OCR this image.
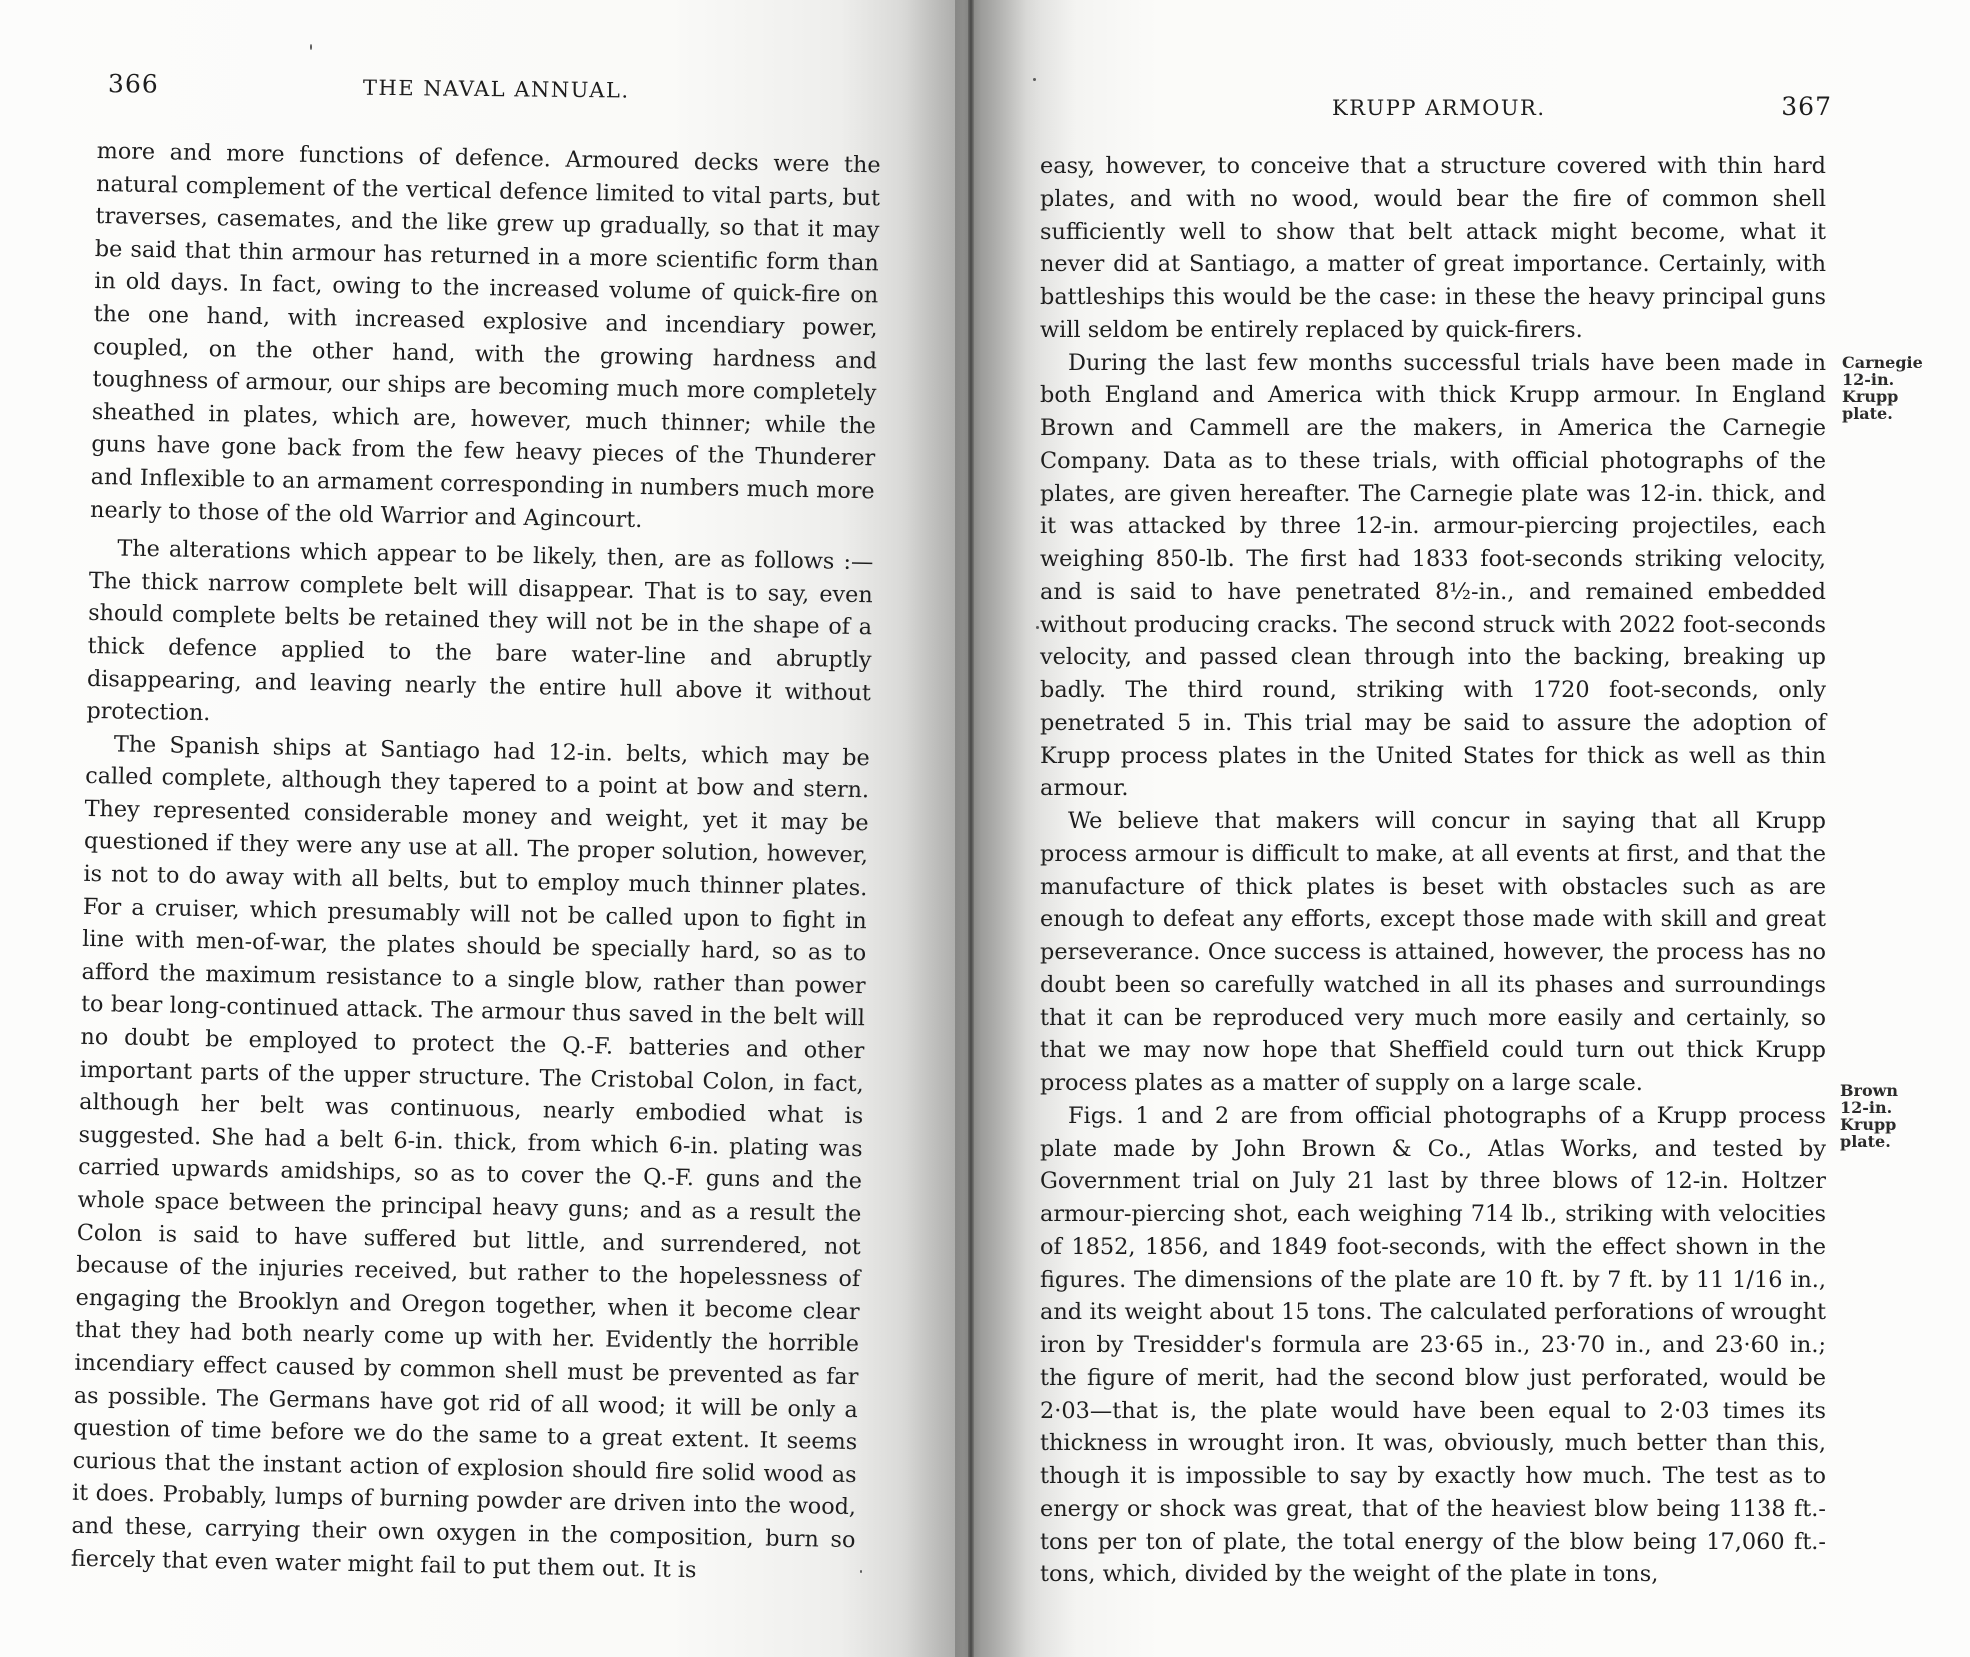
366	THE NAVAL ANNUAL.

more and more functions of defence. Armoured decks were the natural complement of the vertical defence limited to vital parts, but traverses, casemates, and the like grew up gradually, so that it may be said that thin armour has returned in a more scientific form than in old days. In fact, owing to the increased volume of quick-fire on the one hand, with increased explosive and incendiary power, coupled, on the other hand, with the growing hardness and toughness of armour, our ships are becoming much more completely sheathed in plates, which are, however, much thinner; while the guns have gone back from the few heavy pieces of the Thunderer and Inflexible to an armament corresponding in numbers much more nearly to those of the old Warrior and Agincourt.

The alterations which appear to be likely, then, are as follows :— The thick narrow complete belt will disappear. That is to say, even should complete belts be retained they will not be in the shape of a thick defence applied to the bare water-line and abruptly disappearing, and leaving nearly the entire hull above it without protection.

The Spanish ships at Santiago had 12-in. belts, which may be called complete, although they tapered to a point at bow and stern. They represented considerable money and weight, yet it may be questioned if they were any use at all. The proper solution, however, is not to do away with all belts, but to employ much thinner plates. For a cruiser, which presumably will not be called upon to fight in line with men-of-war, the plates should be specially hard, so as to afford the maximum resistance to a single blow, rather than power to bear long-continued attack. The armour thus saved in the belt will no doubt be employed to protect the Q.-F. batteries and other important parts of the upper structure. The Cristobal Colon, in fact, although her belt was continuous, nearly embodied what is suggested. She had a belt 6-in. thick, from which 6-in. plating was carried upwards amidships, so as to cover the Q.-F. guns and the whole space between the principal heavy guns; and as a result the Colon is said to have suffered but little, and surrendered, not because of the injuries received, but rather to the hopelessness of engaging the Brooklyn and Oregon together, when it become clear that they had both nearly come up with her. Evidently the horrible incendiary effect caused by common shell must be prevented as far as possible. The Germans have got rid of all wood; it will be only a question of time before we do the same to a great extent. It seems curious that the instant action of explosion should fire solid wood as it does. Probably, lumps of burning powder are driven into the wood, and these, carrying their own oxygen in the composition, burn so fiercely that even water might fail to put them out. It is

KRUPP ARMOUR.	367

easy, however, to conceive that a structure covered with thin hard plates, and with no wood, would bear the fire of common shell sufficiently well to show that belt attack might become, what it never did at Santiago, a matter of great importance. Certainly, with battleships this would be the case: in these the heavy principal guns will seldom be entirely replaced by quick-firers.

During the last few months successful trials have been made in both England and America with thick Krupp armour. In England Brown and Cammell are the makers, in America the Carnegie Company. Data as to these trials, with official photographs of the plates, are given hereafter. The Carnegie plate was 12-in. thick, and it was attacked by three 12-in. armour-piercing projectiles, each weighing 850-lb. The first had 1833 foot-seconds striking velocity, and is said to have penetrated 8½-in., and remained embedded without producing cracks. The second struck with 2022 foot-seconds velocity, and passed clean through into the backing, breaking up badly. The third round, striking with 1720 foot-seconds, only penetrated 5 in. This trial may be said to assure the adoption of Krupp process plates in the United States for thick as well as thin armour.

We believe that makers will concur in saying that all Krupp process armour is difficult to make, at all events at first, and that the manufacture of thick plates is beset with obstacles such as are enough to defeat any efforts, except those made with skill and great perseverance. Once success is attained, however, the process has no doubt been so carefully watched in all its phases and surroundings that it can be reproduced very much more easily and certainly, so that we may now hope that Sheffield could turn out thick Krupp process plates as a matter of supply on a large scale.

Figs. 1 and 2 are from official photographs of a Krupp process plate made by John Brown & Co., Atlas Works, and tested by Government trial on July 21 last by three blows of 12-in. Holtzer armour-piercing shot, each weighing 714 lb., striking with velocities of 1852, 1856, and 1849 foot-seconds, with the effect shown in the figures. The dimensions of the plate are 10 ft. by 7 ft. by 11 1/16 in., and its weight about 15 tons. The calculated perforations of wrought iron by Tresidder's formula are 23·65 in., 23·70 in., and 23·60 in.; the figure of merit, had the second blow just perforated, would be 2·03—that is, the plate would have been equal to 2·03 times its thickness in wrought iron. It was, obviously, much better than this, though it is impossible to say by exactly how much. The test as to energy or shock was great, that of the heaviest blow being 1138 ft.-tons per ton of plate, the total energy of the blow being 17,060 ft.-tons, which, divided by the weight of the plate in tons,

Carnegie
12-in.
Krupp
plate.
Brown
12-in.
Krupp
plate.
